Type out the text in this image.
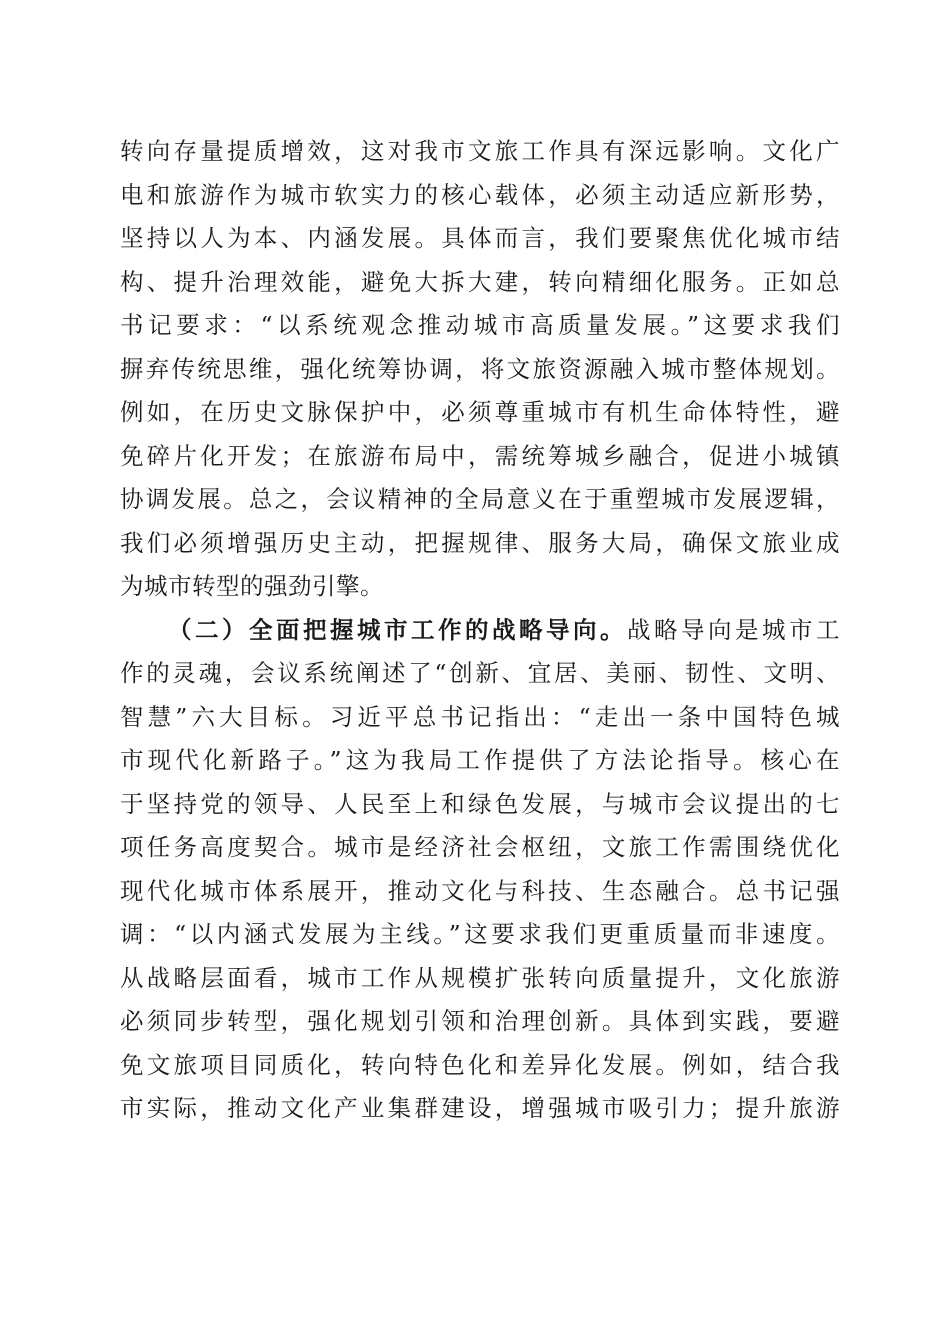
转向存量提质增效，这对我市文旅工作具有深远影响。文化广
电和旅游作为城市软实力的核心载体，必须主动适应新形势，
坚持以人为本、内涵发展。具体而言，我们要聚焦优化城市结
构、提升治理效能，避免大拆大建，转向精细化服务。正如总
书记要求：“以系统观念推动城市高质量发展。”这要求我们
摒弃传统思维，强化统筹协调，将文旅资源融入城市整体规划。
例如，在历史文脉保护中，必须尊重城市有机生命体特性，避
免碎片化开发；在旅游布局中，需统筹城乡融合，促进小城镇
协调发展。总之，会议精神的全局意义在于重塑城市发展逻辑，
我们必须增强历史主动，把握规律、服务大局，确保文旅业成
为城市转型的强劲引擎。
（二）全面把握城市工作的战略导向。战略导向是城市工
作的灵魂，会议系统阐述了“创新、宜居、美丽、韧性、文明、
智慧”六大目标。习近平总书记指出：“走出一条中国特色城
市现代化新路子。”这为我局工作提供了方法论指导。核心在
于坚持党的领导、人民至上和绿色发展，与城市会议提出的七
项任务高度契合。城市是经济社会枢纽，文旅工作需围绕优化
现代化城市体系展开，推动文化与科技、生态融合。总书记强
调：“以内涵式发展为主线。”这要求我们更重质量而非速度。
从战略层面看，城市工作从规模扩张转向质量提升，文化旅游
必须同步转型，强化规划引领和治理创新。具体到实践，要避
免文旅项目同质化，转向特色化和差异化发展。例如，结合我
市实际，推动文化产业集群建设，增强城市吸引力；提升旅游
